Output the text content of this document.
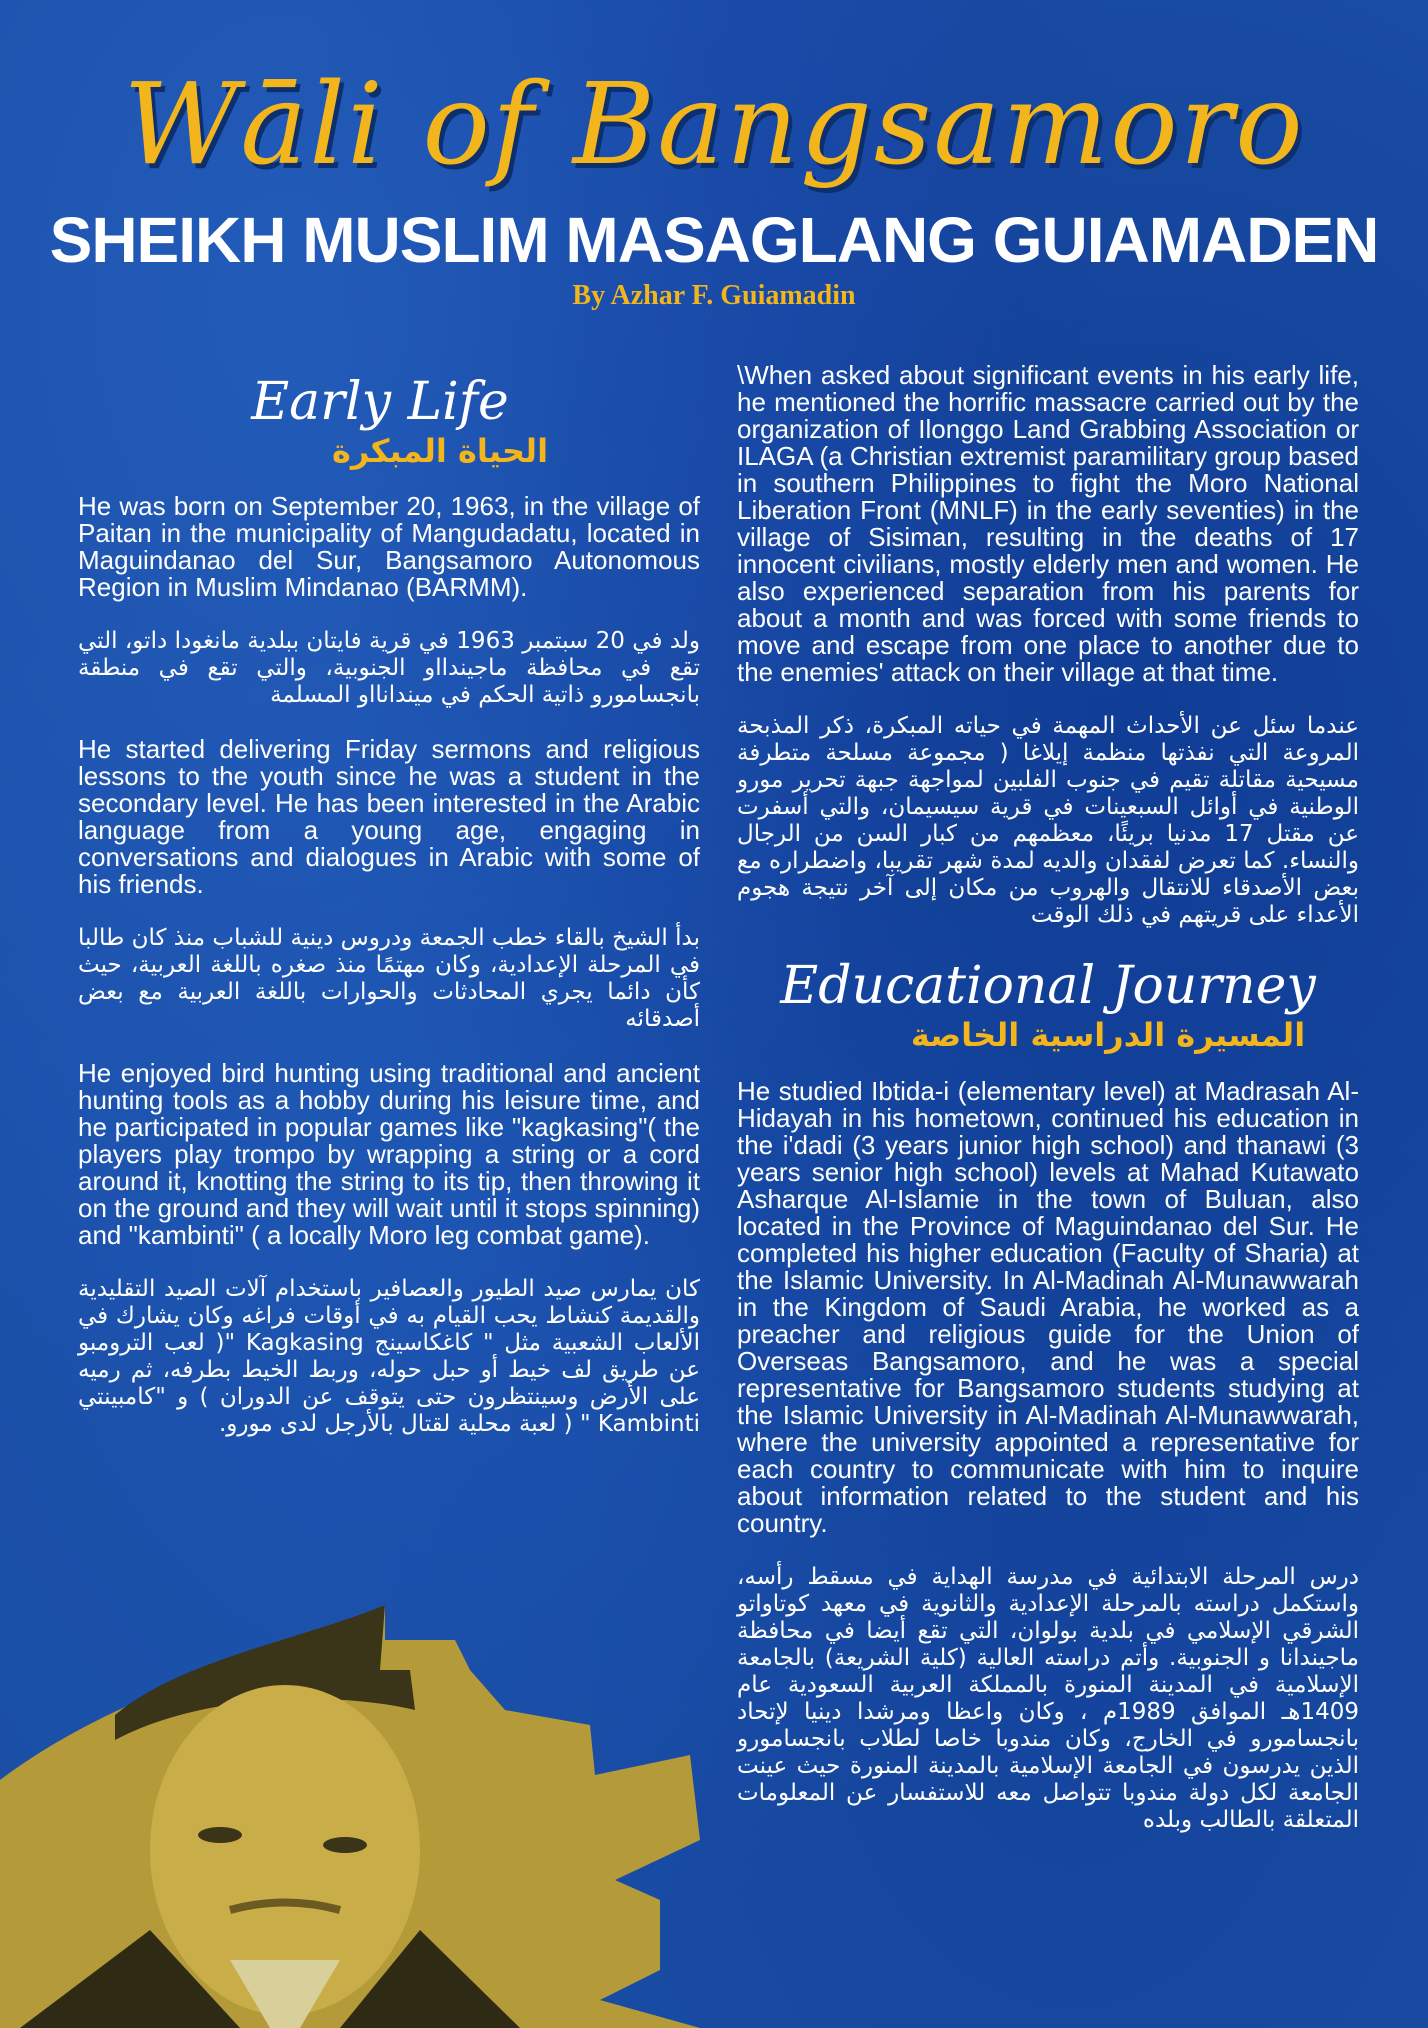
Wāli of Bangsamoro
SHEIKH MUSLIM MASAGLANG GUIAMADEN
By Azhar F. Guiamadin
Early Life
الحياة المبكرة

He was born on September 20, 1963, in the village of Paitan in the municipality of Mangudadatu, located in Maguindanao del Sur, Bangsamoro Autonomous Region in Muslim Mindanao (BARMM).

ولد في 20 سبتمبر 1963 في قرية فايتان ببلدية مانغودا داتو، التي تقع في محافظة ماجيندااو الجنوبية، والتي تقع في منطقة بانجسامورو ذاتية الحكم في ميندانااو المسلمة

He started delivering Friday sermons and religious lessons to the youth since he was a student in the secondary level. He has been interested in the Arabic language from a young age, engaging in conversations and dialogues in Arabic with some of his friends.

بدأ الشيخ بالقاء خطب الجمعة ودروس دينية للشباب منذ كان طالبا في المرحلة الإعدادية، وكان مهتمًا منذ صغره باللغة العربية، حيث كأن دائما يجري المحادثات والحوارات باللغة العربية مع بعض أصدقائه

He enjoyed bird hunting using traditional and ancient hunting tools as a hobby during his leisure time, and he participated in popular games like "kagkasing"( the players play trompo by wrapping a string or a cord around it, knotting the string to its tip, then throwing it on the ground and they will wait until it stops spinning) and "kambinti" ( a locally Moro leg combat game).

كان يمارس صيد الطيور والعصافير باستخدام آلات الصيد التقليدية والقديمة كنشاط يحب القيام به في أوقات فراغه وكان يشارك في الألعاب الشعبية مثل " كاغكاسينج Kagkasing "( لعب الترومبو عن طريق لف خيط أو حبل حوله، وربط الخيط بطرفه، ثم رميه على الأرض وسينتظرون حتى يتوقف عن الدوران ) و "كامبينتي Kambinti " ( لعبة محلية لقتال بالأرجل لدى مورو.

\When asked about significant events in his early life, he mentioned the horrific massacre carried out by the organization of Ilonggo Land Grabbing Association or ILAGA (a Christian extremist paramilitary group based in southern Philippines to fight the Moro National Liberation Front (MNLF) in the early seventies) in the village of Sisiman, resulting in the deaths of 17 innocent civilians, mostly elderly men and women. He also experienced separation from his parents for about a month and was forced with some friends to move and escape from one place to another due to the enemies' attack on their village at that time.

عندما سئل عن الأحداث المهمة في حياته المبكرة، ذكر المذبحة المروعة التي نفذتها منظمة إيلاغا ( مجموعة مسلحة متطرفة مسيحية مقاتلة تقيم في جنوب الفلبين لمواجهة جبهة تحرير مورو الوطنية في أوائل السبعينات في قرية سيسيمان، والتي أسفرت عن مقتل 17 مدنيا بريئًا، معظمهم من كبار السن من الرجال والنساء. كما تعرض لفقدان والديه لمدة شهر تقريبا، واضطراره مع بعض الأصدقاء للانتقال والهروب من مكان إلى آخر نتيجة هجوم الأعداء على قريتهم في ذلك الوقت

Educational Journey
المسيرة الدراسية الخاصة

He studied Ibtida-i (elementary level) at Madrasah Al-Hidayah in his hometown, continued his education in the i'dadi (3 years junior high school) and thanawi (3 years senior high school) levels at Mahad Kutawato Asharque Al-Islamie in the town of Buluan, also located in the Province of Maguindanao del Sur. He completed his higher education (Faculty of Sharia) at the Islamic University. In Al-Madinah Al-Munawwarah in the Kingdom of Saudi Arabia, he worked as a preacher and religious guide for the Union of Overseas Bangsamoro, and he was a special representative for Bangsamoro students studying at the Islamic University in Al-Madinah Al-Munawwarah, where the university appointed a representative for each country to communicate with him to inquire about information related to the student and his country.

درس المرحلة الابتدائية في مدرسة الهداية في مسقط رأسه، واستكمل دراسته بالمرحلة الإعدادية والثانوية في معهد كوتاواتو الشرقي الإسلامي في بلدية بولوان، التي تقع أيضا في محافظة ماجيندانا و الجنوبية. وأتم دراسته العالية (كلية الشريعة) بالجامعة الإسلامية في المدينة المنورة بالمملكة العربية السعودية عام 1409هـ الموافق 1989م ، وكان واعظا ومرشدا دينيا لإتحاد بانجسامورو في الخارج، وكان مندوبا خاصا لطلاب بانجسامورو الذين يدرسون في الجامعة الإسلامية بالمدينة المنورة حيث عينت الجامعة لكل دولة مندوبا تتواصل معه للاستفسار عن المعلومات المتعلقة بالطالب وبلده
